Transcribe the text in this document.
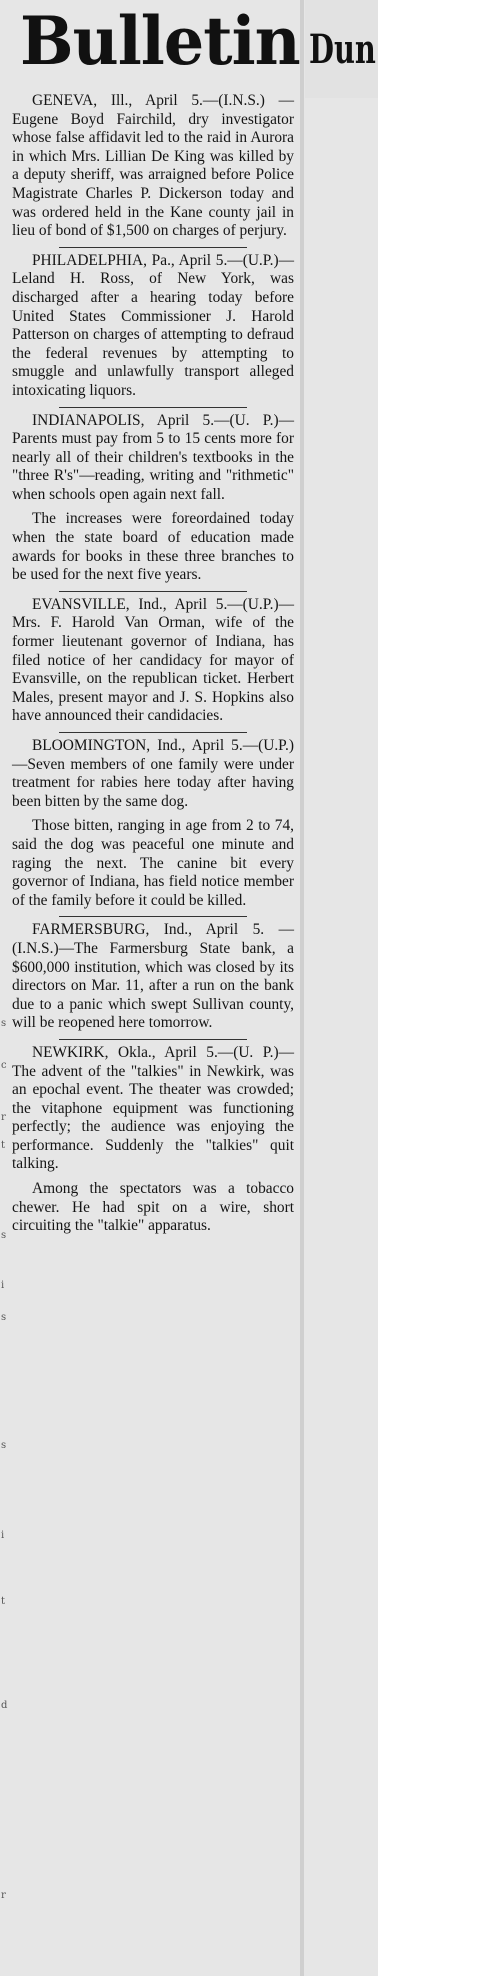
s
c
r
t
s
i
s
s
i
t
d
r
Bulletin Dun

GENEVA, Ill., April 5.—(I.N.S.) —Eugene Boyd Fairchild, dry investigator whose false affidavit led to the raid in Aurora in which Mrs. Lillian De King was killed by a deputy sheriff, was arraigned before Police Magistrate Charles P. Dickerson today and was ordered held in the Kane county jail in lieu of bond of $1,500 on charges of perjury.

PHILADELPHIA, Pa., April 5.—(U.P.)—Leland H. Ross, of New York, was discharged after a hearing today before United States Commissioner J. Harold Patterson on charges of attempting to defraud the federal revenues by attempting to smuggle and unlawfully transport alleged intoxicating liquors.

INDIANAPOLIS, April 5.—(U. P.)—Parents must pay from 5 to 15 cents more for nearly all of their children's textbooks in the "three R's"—reading, writing and "rithmetic" when schools open again next fall.

The increases were foreordained today when the state board of education made awards for books in these three branches to be used for the next five years.

EVANSVILLE, Ind., April 5.—(U.P.)—Mrs. F. Harold Van Orman, wife of the former lieutenant governor of Indiana, has filed notice of her candidacy for mayor of Evansville, on the republican ticket. Herbert Males, present mayor and J. S. Hopkins also have announced their candidacies.

BLOOMINGTON, Ind., April 5.—(U.P.)—Seven members of one family were under treatment for rabies here today after having been bitten by the same dog.

Those bitten, ranging in age from 2 to 74, said the dog was peaceful one minute and raging the next. The canine bit every governor of Indiana, has field notice member of the family before it could be killed.

FARMERSBURG, Ind., April 5. —(I.N.S.)—The Farmersburg State bank, a $600,000 institution, which was closed by its directors on Mar. 11, after a run on the bank due to a panic which swept Sullivan county, will be reopened here tomorrow.

NEWKIRK, Okla., April 5.—(U. P.)—The advent of the "talkies" in Newkirk, was an epochal event. The theater was crowded; the vitaphone equipment was functioning perfectly; the audience was enjoying the performance. Suddenly the "talkies" quit talking.

Among the spectators was a tobacco chewer. He had spit on a wire, short circuiting the "talkie" apparatus.
